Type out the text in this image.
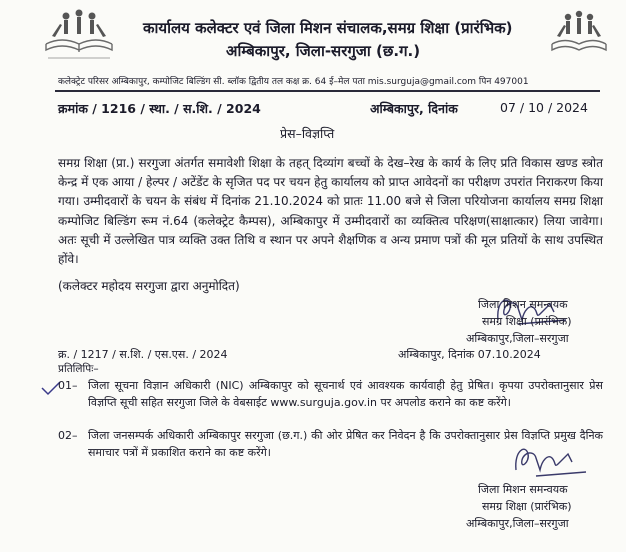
कार्यालय कलेक्टर एवं जिला मिशन संचालक,समग्र शिक्षा (प्रारंभिक)
अम्बिकापुर, जिला-सरगुजा (छ.ग.)
कलेक्ट्रेट परिसर अम्बिकापुर, कम्पोजिट बिल्डिंग सी. ब्लॉक द्वितीय तल कक्ष क्र. 64 ई–मेल पता mis.surguja@gmail.com पिन 497001
क्रमांक / 1216 / स्था. / स.शि. / 2024	अम्बिकापुर, दिनांक	07 / 10 / 2024
प्रेस–विज्ञप्ति

समग्र शिक्षा (प्रा.) सरगुजा अंतर्गत समावेशी शिक्षा के तहत् दिव्यांग बच्चों के देख–रेख के कार्य के लिए प्रति विकास खण्ड स्त्रोत केन्द्र में एक आया / हेल्पर / अटेंडेंट के सृजित पद पर चयन हेतु कार्यालय को प्राप्त आवेदनों का परीक्षण उपरांत निराकरण किया गया। उम्मीदवारों के चयन के संबंध में दिनांक 21.10.2024 को प्रातः 11.00 बजे से जिला परियोजना कार्यालय समग्र शिक्षा कम्पोजिट बिल्डिंग रूम नं.64 (कलेक्ट्रेट कैम्पस), अम्बिकापुर में उम्मीदवारों का व्यक्तित्व परिक्षण(साक्षात्कार) लिया जावेगा। अतः सूची में उल्लेखित पात्र व्यक्ति उक्त तिथि व स्थान पर अपने शैक्षणिक व अन्य प्रमाण पत्रों की मूल प्रतियों के साथ उपस्थित होंवे।

(कलेक्टर महोदय सरगुजा द्वारा अनुमोदित)
जिला मिशन समन्वयक
समग्र शिक्षा (प्रारंभिक)
अम्बिकापुर,जिला–सरगुजा
क्र. / 1217 / स.शि. / एस.एस. / 2024	अम्बिकापुर, दिनांक 07.10.2024
प्रतिलिपिः–
01– जिला सूचना विज्ञान अधिकारी (NIC) अम्बिकापुर को सूचनार्थ एवं आवश्यक कार्यवाही हेतु प्रेषित। कृपया उपरोक्तानुसार प्रेस विज्ञप्ति सूची सहित सरगुजा जिले के वेबसाईट www.surguja.gov.in पर अपलोड कराने का कष्ट करेंगे।

02– जिला जनसम्पर्क अधिकारी अम्बिकापुर सरगुजा (छ.ग.) की ओर प्रेषित कर निवेदन है कि उपरोक्तानुसार प्रेस विज्ञप्ति प्रमुख दैनिक समाचार पत्रों में प्रकाशित कराने का कष्ट करेंगे।

जिला मिशन समन्वयक
समग्र शिक्षा (प्रारंभिक)
अम्बिकापुर,जिला–सरगुजा
